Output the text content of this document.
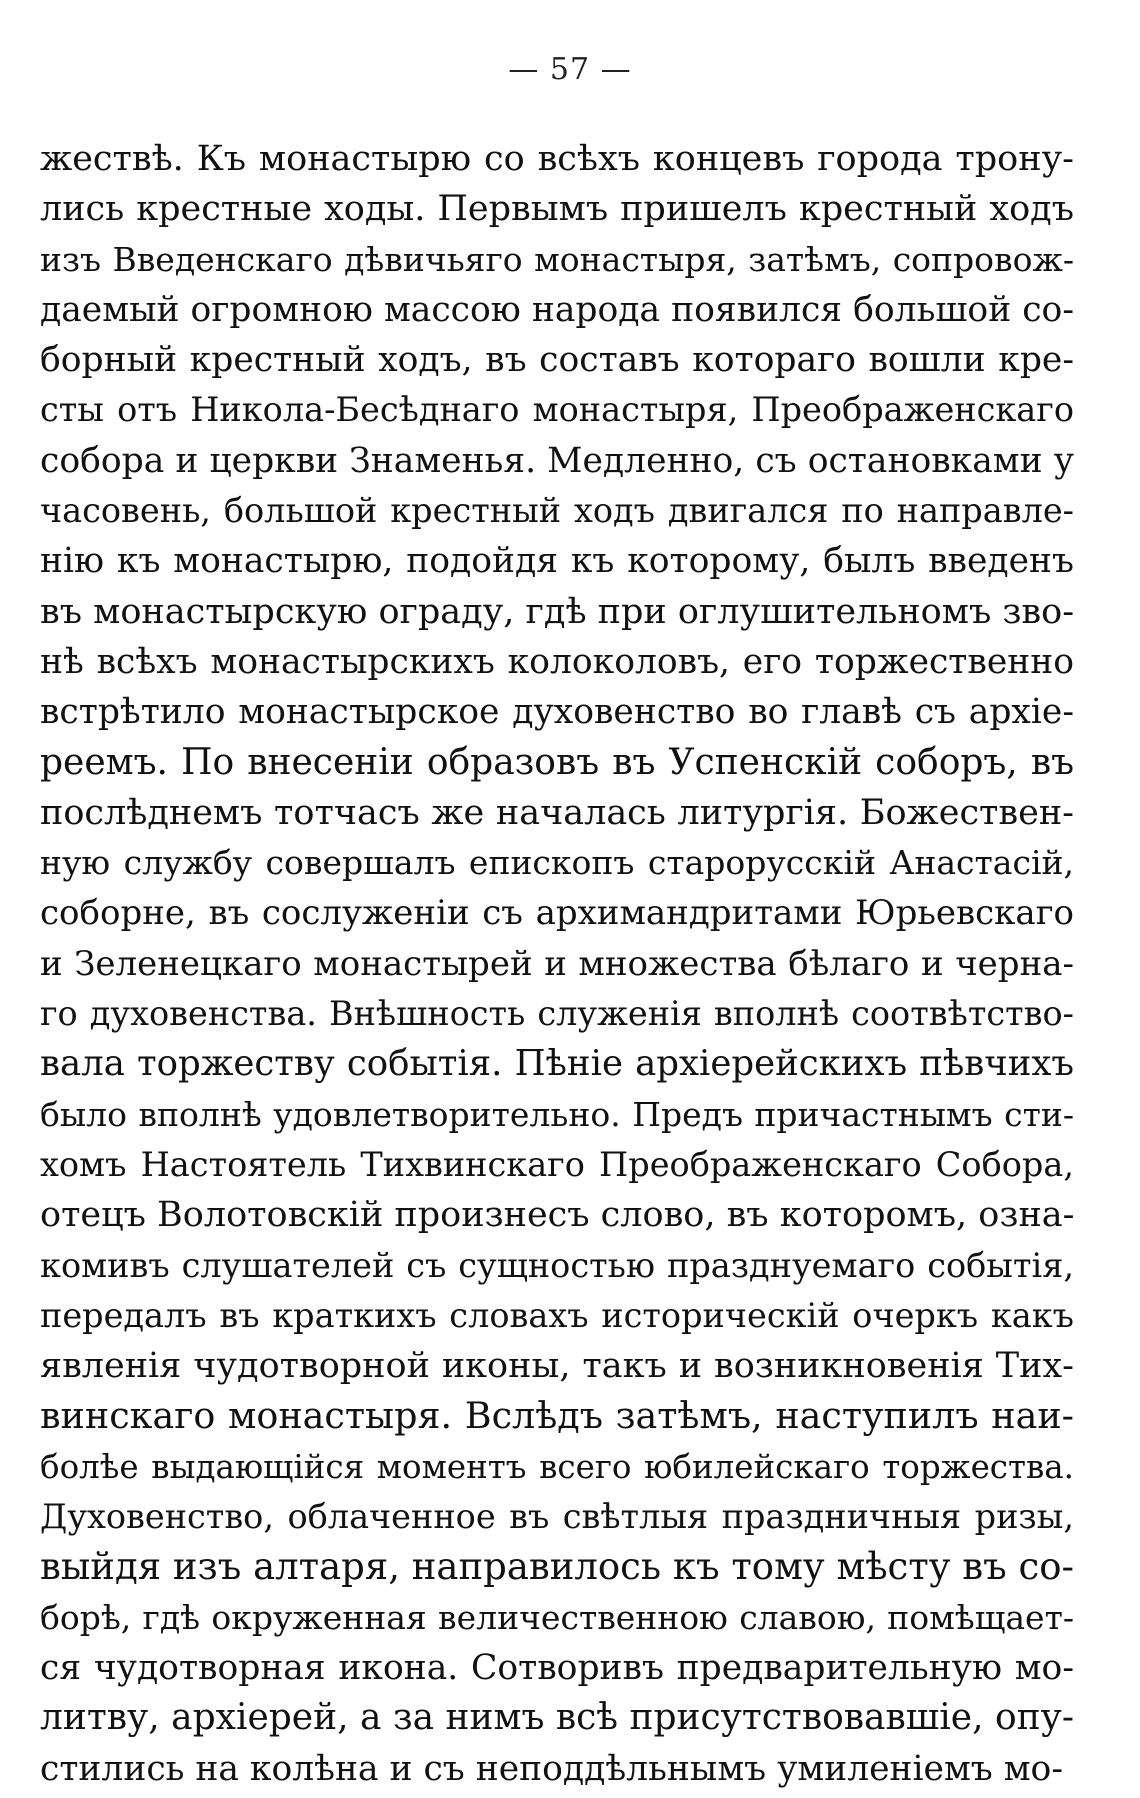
— 57 —
жествѣ. Къ монастырю со всѣхъ концевъ города трону-
лись крестные ходы. Первымъ пришелъ крестный ходъ
изъ Введенскаго дѣвичьяго монастыря, затѣмъ, сопровож-
даемый огромною массою народа появился большой со-
борный крестный ходъ, въ составъ котораго вошли кре-
сты отъ Никола-Бесѣднаго монастыря, Преображенскаго
собора и церкви Знаменья. Медленно, съ остановками у
часовень, большой крестный ходъ двигался по направле-
нію къ монастырю, подойдя къ которому, былъ введенъ
въ монастырскую ограду, гдѣ при оглушительномъ зво-
нѣ всѣхъ монастырскихъ колоколовъ, его торжественно
встрѣтило монастырское духовенство во главѣ съ архіе-
реемъ. По внесеніи образовъ въ Успенскій соборъ, въ
послѣднемъ тотчасъ же началась литургія. Божествен-
ную службу совершалъ епископъ старорусскій Анастасій,
соборне, въ сослуженіи съ архимандритами Юрьевскаго
и Зеленецкаго монастырей и множества бѣлаго и черна-
го духовенства. Внѣшность служенія вполнѣ соотвѣтство-
вала торжеству событія. Пѣніе архіерейскихъ пѣвчихъ
было вполнѣ удовлетворительно. Предъ причастнымъ сти-
хомъ Настоятель Тихвинскаго Преображенскаго Собора,
отецъ Волотовскій произнесъ слово, въ которомъ, озна-
комивъ слушателей съ сущностью празднуемаго событія,
передалъ въ краткихъ словахъ историческій очеркъ какъ
явленія чудотворной иконы, такъ и возникновенія Тих-
винскаго монастыря. Вслѣдъ затѣмъ, наступилъ наи-
болѣе выдающійся моментъ всего юбилейскаго торжества.
Духовенство, облаченное въ свѣтлыя праздничныя ризы,
выйдя изъ алтаря, направилось къ тому мѣсту въ со-
борѣ, гдѣ окруженная величественною славою, помѣщает-
ся чудотворная икона. Сотворивъ предварительную мо-
литву, архіерей, а за нимъ всѣ присутствовавшіе, опу-
стились на колѣна и съ неподдѣльнымъ умиленіемъ мо-
